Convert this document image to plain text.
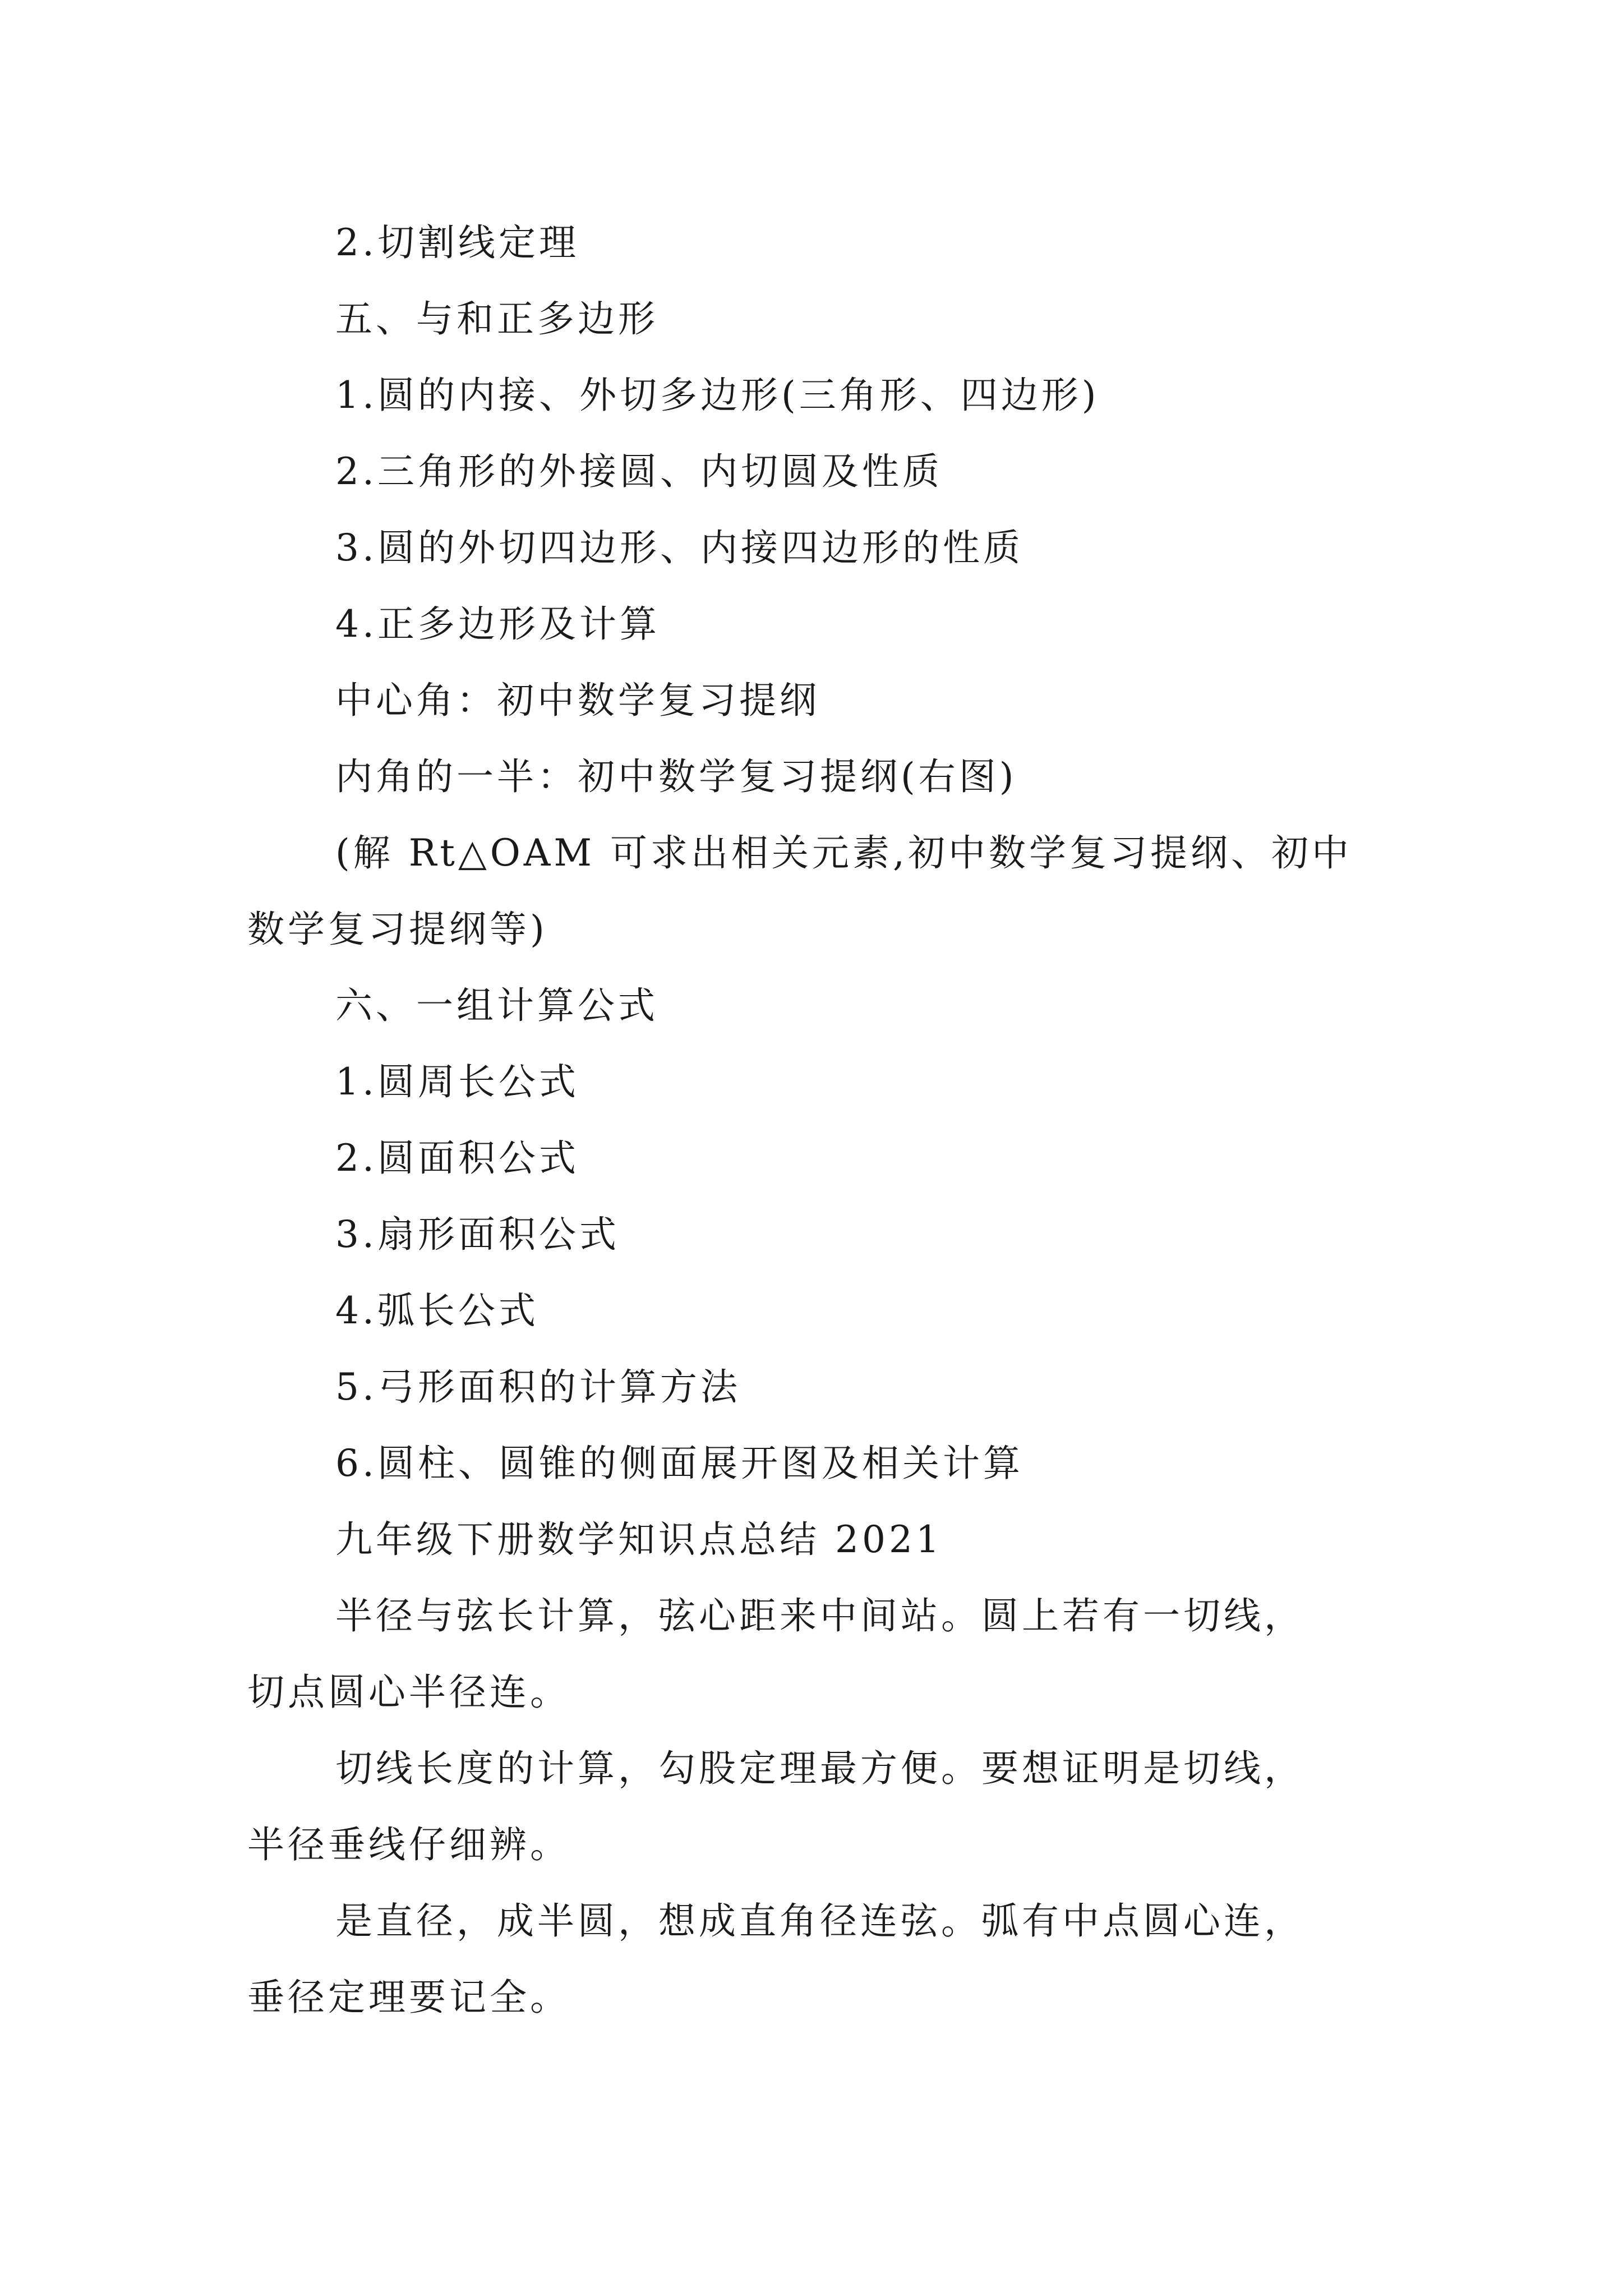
2.切割线定理

五、与和正多边形

1.圆的内接、外切多边形(三角形、四边形)

2.三角形的外接圆、内切圆及性质

3.圆的外切四边形、内接四边形的性质

4.正多边形及计算

中心角：初中数学复习提纲

内角的一半：初中数学复习提纲(右图)

(解 Rt△OAM 可求出相关元素,初中数学复习提纲、初中

数学复习提纲等)

六、一组计算公式

1.圆周长公式

2.圆面积公式

3.扇形面积公式

4.弧长公式

5.弓形面积的计算方法

6.圆柱、圆锥的侧面展开图及相关计算

九年级下册数学知识点总结 2021

半径与弦长计算，弦心距来中间站。圆上若有一切线，

切点圆心半径连。

切线长度的计算，勾股定理最方便。要想证明是切线，

半径垂线仔细辨。

是直径，成半圆，想成直角径连弦。弧有中点圆心连，

垂径定理要记全。
